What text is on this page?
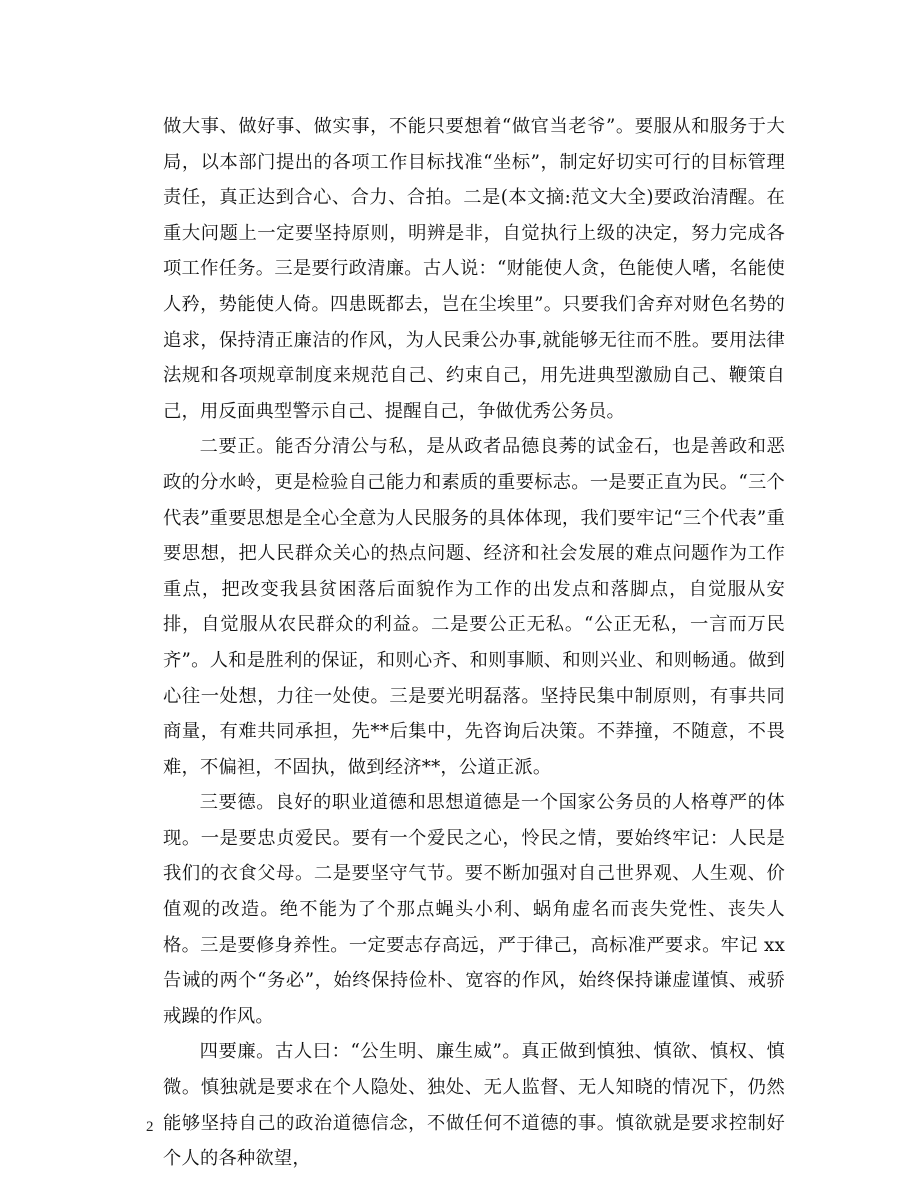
做大事、做好事、做实事，不能只要想着“做官当老爷”。要服从和服务于大局，以本部门提出的各项工作目标找准“坐标”，制定好切实可行的目标管理责任，真正达到合心、合力、合拍。二是(本文摘:范文大全)要政治清醒。在重大问题上一定要坚持原则，明辨是非，自觉执行上级的决定，努力完成各项工作任务。三是要行政清廉。古人说：“财能使人贪，色能使人嗜，名能使人矜，势能使人倚。四患既都去，岂在尘埃里”。只要我们舍弃对财色名势的追求，保持清正廉洁的作风，为人民秉公办事,就能够无往而不胜。要用法律法规和各项规章制度来规范自己、约束自己，用先进典型激励自己、鞭策自己，用反面典型警示自己、提醒自己，争做优秀公务员。

二要正。能否分清公与私，是从政者品德良莠的试金石，也是善政和恶政的分水岭，更是检验自己能力和素质的重要标志。一是要正直为民。“三个代表”重要思想是全心全意为人民服务的具体体现，我们要牢记“三个代表”重要思想，把人民群众关心的热点问题、经济和社会发展的难点问题作为工作重点，把改变我县贫困落后面貌作为工作的出发点和落脚点，自觉服从安排，自觉服从农民群众的利益。二是要公正无私。“公正无私，一言而万民齐”。人和是胜利的保证，和则心齐、和则事顺、和则兴业、和则畅通。做到心往一处想，力往一处使。三是要光明磊落。坚持民集中制原则，有事共同商量，有难共同承担，先**后集中，先咨询后决策。不莽撞，不随意，不畏难，不偏袒，不固执，做到经济**，公道正派。

三要德。良好的职业道德和思想道德是一个国家公务员的人格尊严的体现。一是要忠贞爱民。要有一个爱民之心，怜民之情，要始终牢记：人民是我们的衣食父母。二是要坚守气节。要不断加强对自己世界观、人生观、价值观的改造。绝不能为了个那点蝇头小利、蜗角虚名而丧失党性、丧失人格。三是要修身养性。一定要志存高远，严于律己，高标准严要求。牢记 xx 告诫的两个“务必”，始终保持俭朴、宽容的作风，始终保持谦虚谨慎、戒骄戒躁的作风。

四要廉。古人曰：“公生明、廉生威”。真正做到慎独、慎欲、慎权、慎微。慎独就是要求在个人隐处、独处、无人监督、无人知晓的情况下，仍然能够坚持自己的政治道德信念，不做任何不道德的事。慎欲就是要求控制好个人的各种欲望，

2
